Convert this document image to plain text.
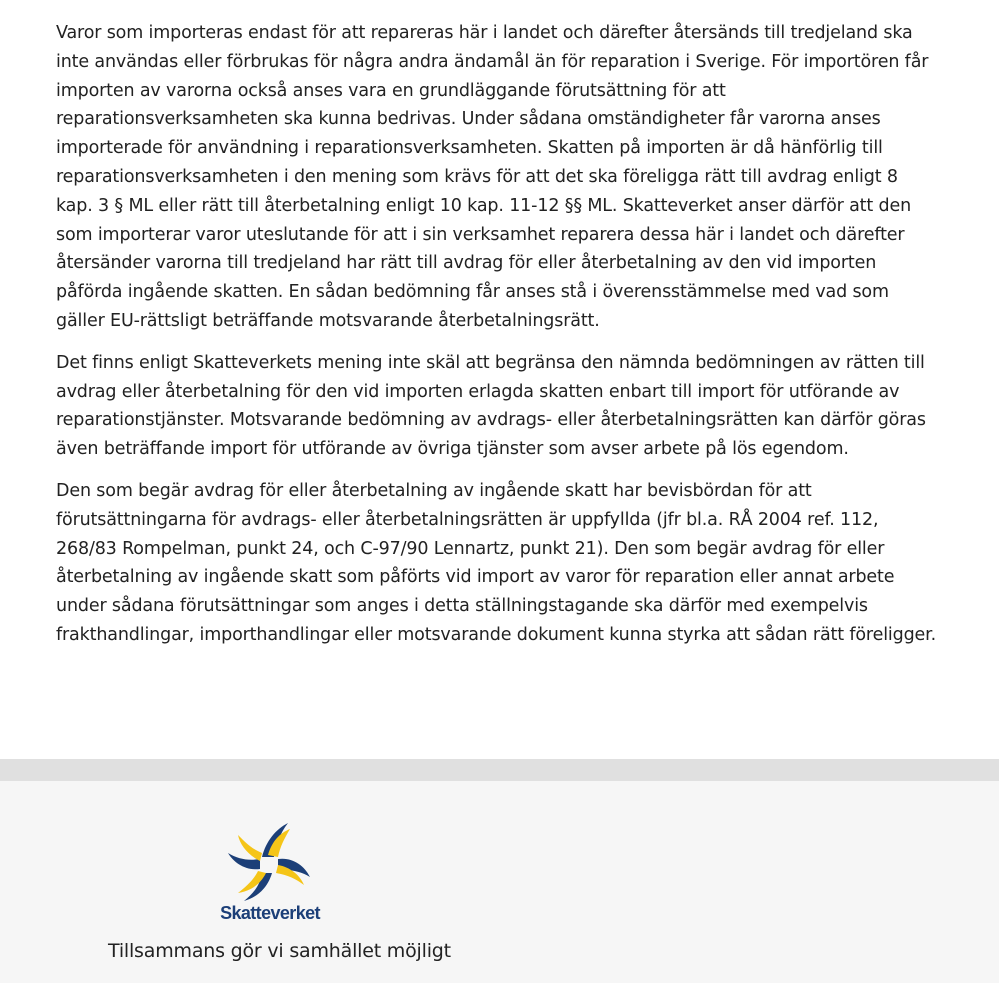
Varor som importeras endast för att repareras här i landet och därefter återsänds till tredjeland ska inte användas eller förbrukas för några andra ändamål än för reparation i Sverige. För importören får importen av varorna också anses vara en grundläggande förutsättning för att reparationsverksamheten ska kunna bedrivas. Under sådana omständigheter får varorna anses importerade för användning i reparationsverksamheten. Skatten på importen är då hänförlig till reparationsverksamheten i den mening som krävs för att det ska föreligga rätt till avdrag enligt 8 kap. 3 § ML eller rätt till återbetalning enligt 10 kap. 11-12 §§ ML. Skatteverket anser därför att den som importerar varor uteslutande för att i sin verksamhet reparera dessa här i landet och därefter återsänder varorna till tredjeland har rätt till avdrag för eller återbetalning av den vid importen påförda ingående skatten. En sådan bedömning får anses stå i överensstämmelse med vad som gäller EU-rättsligt beträffande motsvarande återbetalningsrätt.

Det finns enligt Skatteverkets mening inte skäl att begränsa den nämnda bedömningen av rätten till avdrag eller återbetalning för den vid importen erlagda skatten enbart till import för utförande av reparationstjänster. Motsvarande bedömning av avdrags- eller återbetalningsrätten kan därför göras även beträffande import för utförande av övriga tjänster som avser arbete på lös egendom.

Den som begär avdrag för eller återbetalning av ingående skatt har bevisbördan för att förutsättningarna för avdrags- eller återbetalningsrätten är uppfyllda (jfr bl.a. RÅ 2004 ref. 112, 268/83 Rompelman, punkt 24, och C-97/90 Lennartz, punkt 21). Den som begär avdrag för eller återbetalning av ingående skatt som påförts vid import av varor för reparation eller annat arbete under sådana förutsättningar som anges i detta ställningstagande ska därför med exempelvis frakthandlingar, importhandlingar eller motsvarande dokument kunna styrka att sådan rätt föreligger.

Skatteverket
Tillsammans gör vi samhället möjligt
